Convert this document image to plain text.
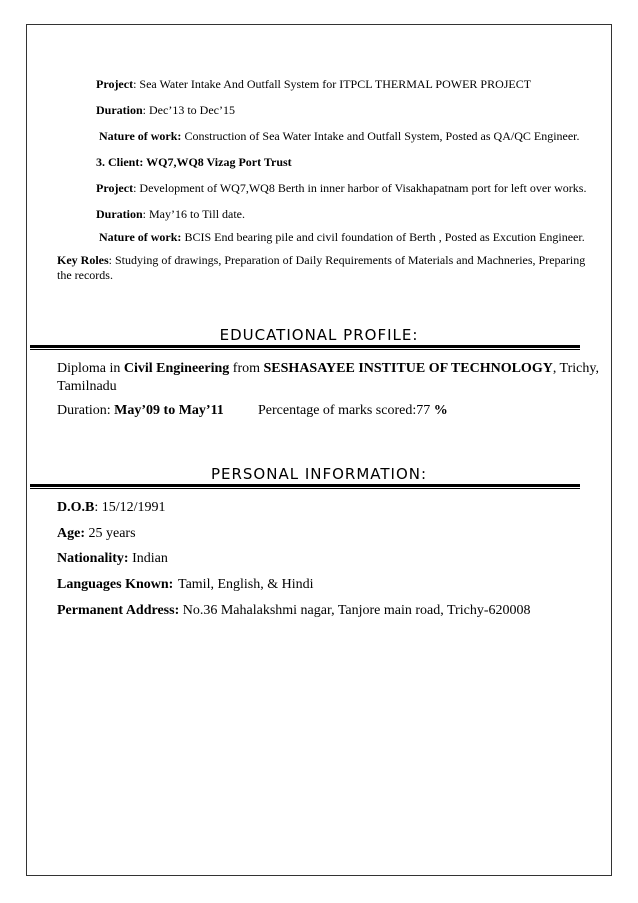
Project: Sea Water Intake And Outfall System for ITPCL THERMAL POWER PROJECT
Duration: Dec’13 to Dec’15
Nature of work: Construction of Sea Water Intake and Outfall System, Posted as QA/QC Engineer.
3. Client: WQ7,WQ8 Vizag Port Trust
Project: Development of WQ7,WQ8 Berth in inner harbor of Visakhapatnam port for left over works.
Duration: May’16 to Till date.
Nature of work: BCIS End bearing pile and civil foundation of Berth , Posted as Excution Engineer.
Key Roles: Studying of drawings, Preparation of Daily Requirements of Materials and Machneries, Preparing
the records.
EDUCATIONAL PROFILE:
Diploma in Civil Engineering from SESHASAYEE INSTITUE OF TECHNOLOGY, Trichy,
Tamilnadu
Duration: May’09 to May’11 Percentage of marks scored:77 %
PERSONAL INFORMATION:
D.O.B: 15/12/1991
Age: 25 years
Nationality: Indian
Languages Known: Tamil, English, & Hindi
Permanent Address: No.36 Mahalakshmi nagar, Tanjore main road, Trichy-620008
